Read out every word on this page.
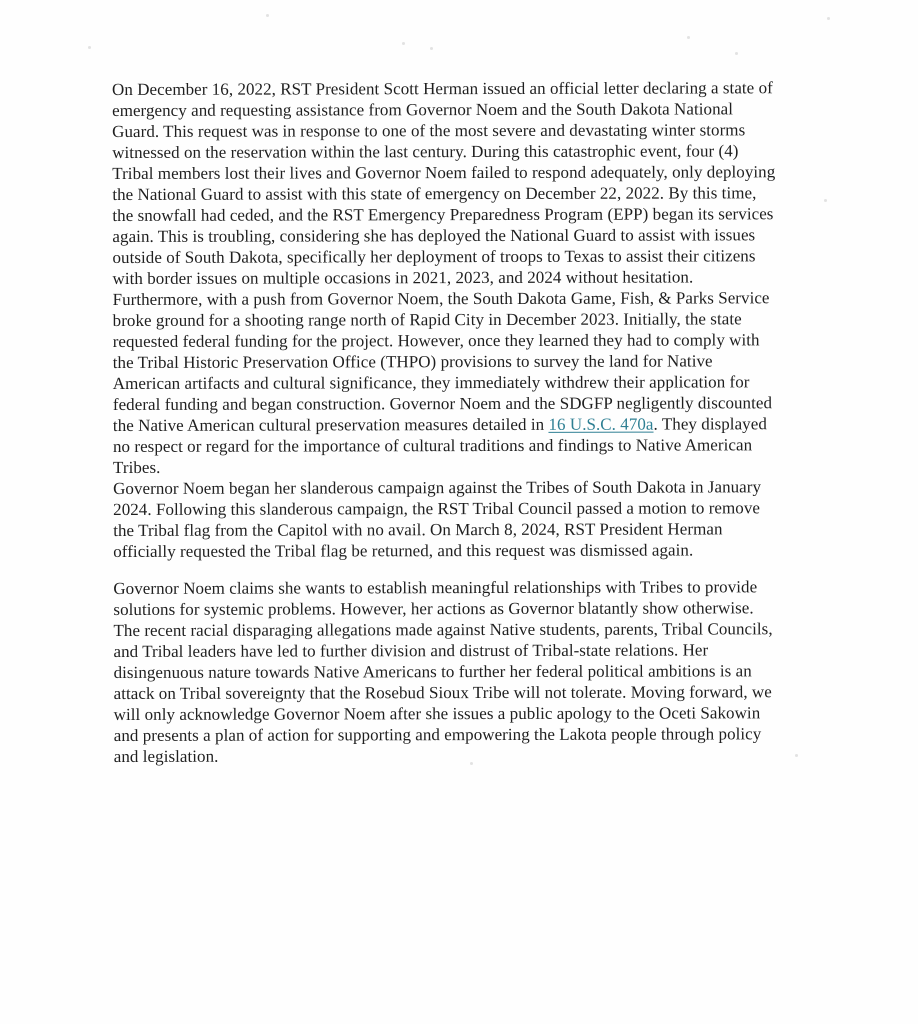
On December 16, 2022, RST President Scott Herman issued an official letter declaring a state of
emergency and requesting assistance from Governor Noem and the South Dakota National
Guard. This request was in response to one of the most severe and devastating winter storms
witnessed on the reservation within the last century. During this catastrophic event, four (4)
Tribal members lost their lives and Governor Noem failed to respond adequately, only deploying
the National Guard to assist with this state of emergency on December 22, 2022. By this time,
the snowfall had ceded, and the RST Emergency Preparedness Program (EPP) began its services
again. This is troubling, considering she has deployed the National Guard to assist with issues
outside of South Dakota, specifically her deployment of troops to Texas to assist their citizens
with border issues on multiple occasions in 2021, 2023, and 2024 without hesitation.
Furthermore, with a push from Governor Noem, the South Dakota Game, Fish, & Parks Service
broke ground for a shooting range north of Rapid City in December 2023. Initially, the state
requested federal funding for the project. However, once they learned they had to comply with
the Tribal Historic Preservation Office (THPO) provisions to survey the land for Native
American artifacts and cultural significance, they immediately withdrew their application for
federal funding and began construction. Governor Noem and the SDGFP negligently discounted
the Native American cultural preservation measures detailed in 16 U.S.C. 470a. They displayed
no respect or regard for the importance of cultural traditions and findings to Native American
Tribes.
Governor Noem began her slanderous campaign against the Tribes of South Dakota in January
2024. Following this slanderous campaign, the RST Tribal Council passed a motion to remove
the Tribal flag from the Capitol with no avail. On March 8, 2024, RST President Herman
officially requested the Tribal flag be returned, and this request was dismissed again.
Governor Noem claims she wants to establish meaningful relationships with Tribes to provide
solutions for systemic problems. However, her actions as Governor blatantly show otherwise.
The recent racial disparaging allegations made against Native students, parents, Tribal Councils,
and Tribal leaders have led to further division and distrust of Tribal-state relations. Her
disingenuous nature towards Native Americans to further her federal political ambitions is an
attack on Tribal sovereignty that the Rosebud Sioux Tribe will not tolerate. Moving forward, we
will only acknowledge Governor Noem after she issues a public apology to the Oceti Sakowin
and presents a plan of action for supporting and empowering the Lakota people through policy
and legislation.
